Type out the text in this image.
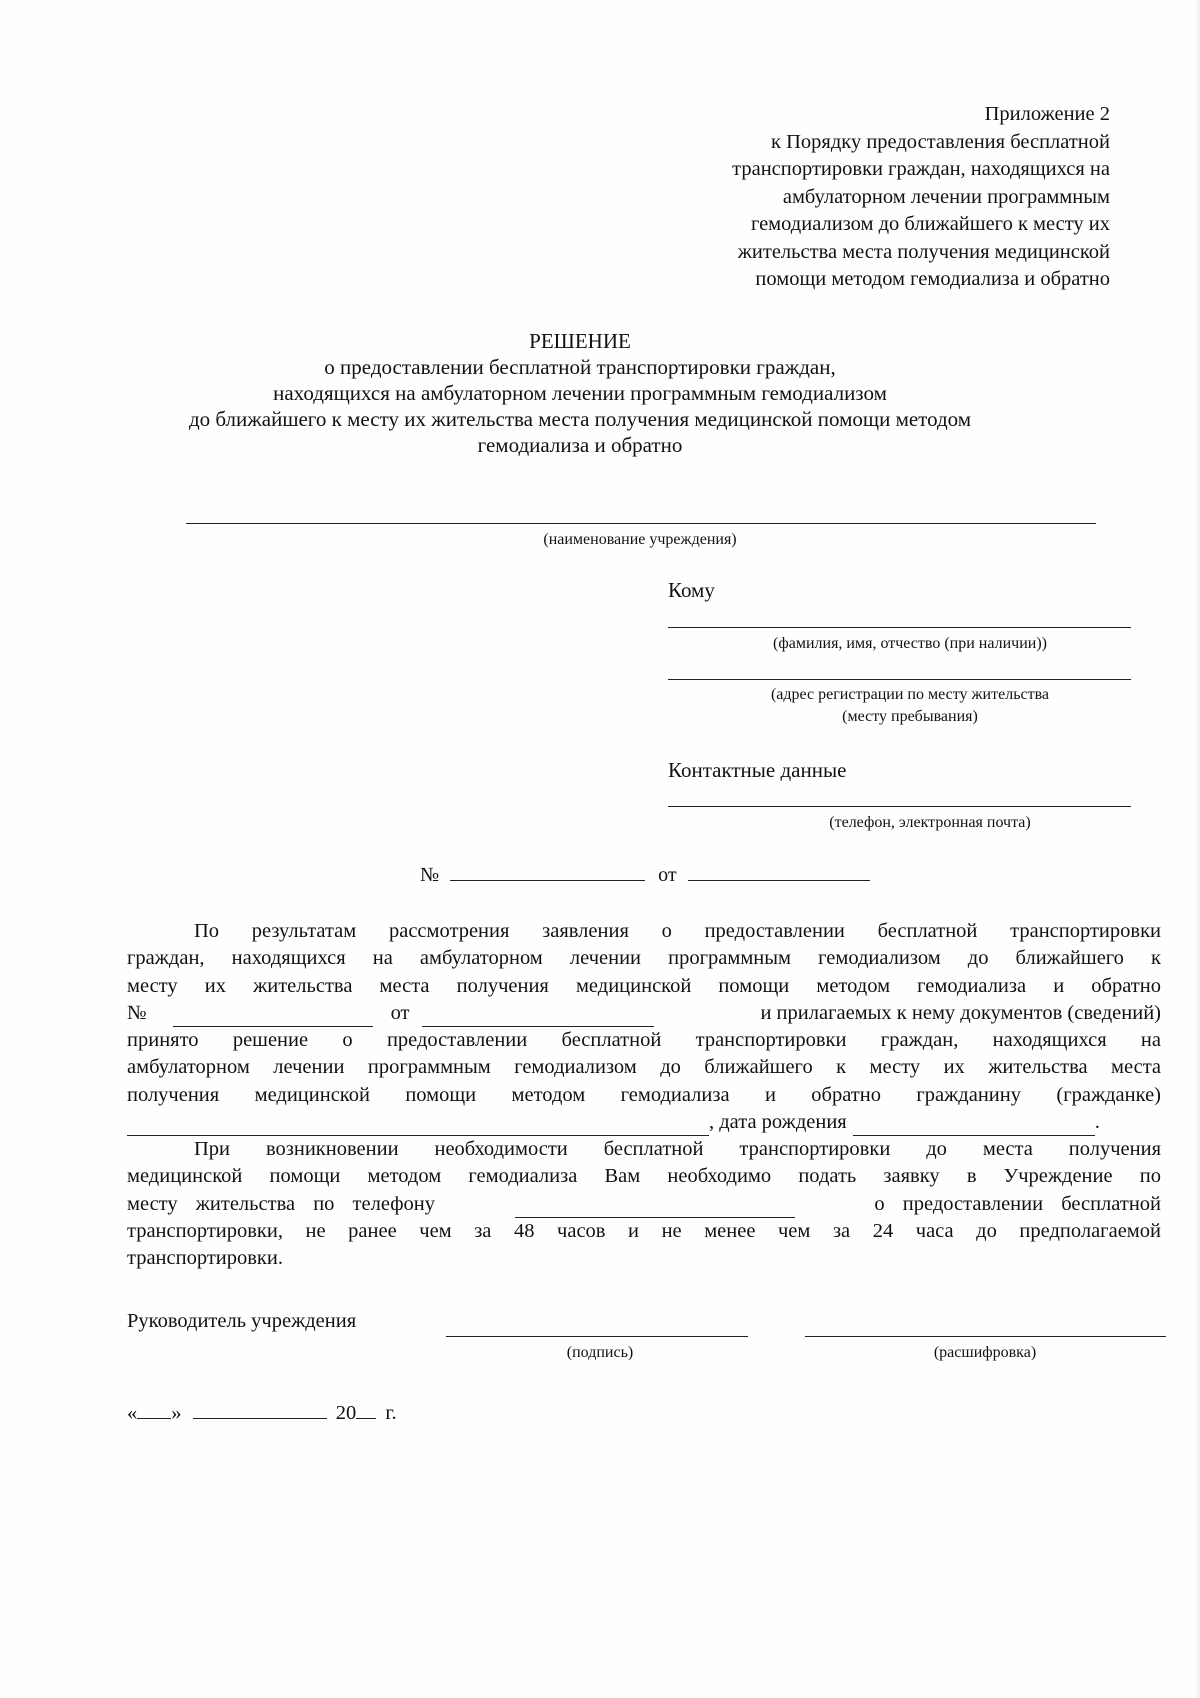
Приложение 2
к Порядку предоставления бесплатной
транспортировки граждан, находящихся на
амбулаторном лечении программным
гемодиализом до ближайшего к месту их
жительства места получения медицинской
помощи методом гемодиализа и обратно
РЕШЕНИЕ
о предоставлении бесплатной транспортировки граждан,
находящихся на амбулаторном лечении программным гемодиализом
до ближайшего к месту их жительства места получения медицинской помощи методом
гемодиализа и обратно
(наименование учреждения)
Кому
(фамилия, имя, отчество (при наличии))
(адрес регистрации по месту жительства
(месту пребывания)
Контактные данные
(телефон, электронная почта)
№	от
По результатам рассмотрения заявления о предоставлении бесплатной транспортировки
граждан, находящихся на амбулаторном лечении программным гемодиализом до ближайшего к
месту их жительства места получения медицинской помощи методом гемодиализа и обратно
№	от	и прилагаемых к нему документов (сведений)
принято решение о предоставлении бесплатной транспортировки граждан, находящихся на
амбулаторном лечении программным гемодиализом до ближайшего к месту их жительства места
получения медицинской помощи методом гемодиализа и обратно гражданину (гражданке)
, дата рождения	.
При возникновении необходимости бесплатной транспортировки до места получения
медицинской помощи методом гемодиализа Вам необходимо подать заявку в Учреждение по
месту жительства по телефону	о предоставлении бесплатной
транспортировки, не ранее чем за 48 часов и не менее чем за 24 часа до предполагаемой
транспортировки.
Руководитель учреждения
(подпись)	(расшифровка)
« »	20 г.
